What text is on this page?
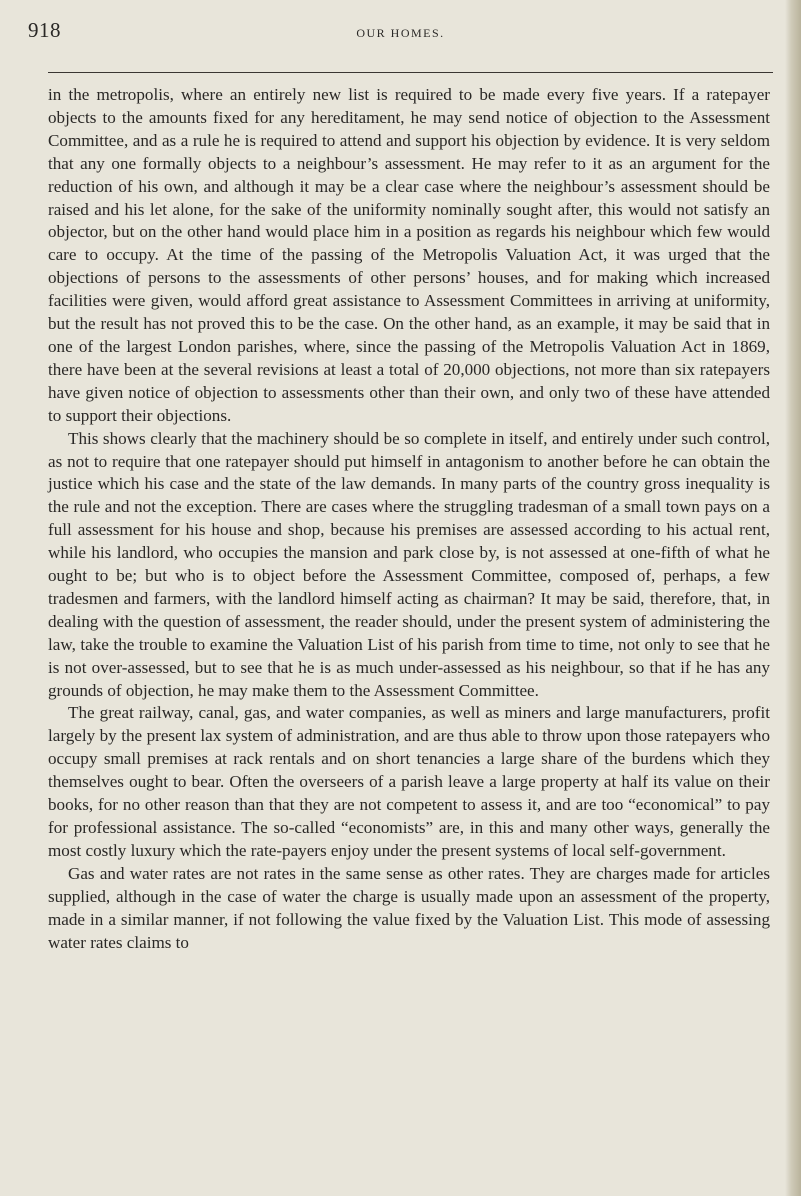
918	OUR HOMES.

in the metropolis, where an entirely new list is required to be made every five years. If a ratepayer objects to the amounts fixed for any hereditament, he may send notice of objection to the Assessment Committee, and as a rule he is required to attend and support his objection by evidence. It is very seldom that any one formally objects to a neighbour’s assessment. He may refer to it as an argument for the reduction of his own, and although it may be a clear case where the neighbour’s assessment should be raised and his let alone, for the sake of the uniformity nominally sought after, this would not satisfy an objector, but on the other hand would place him in a position as regards his neighbour which few would care to occupy. At the time of the passing of the Metropolis Valuation Act, it was urged that the objections of persons to the assessments of other persons’ houses, and for making which increased facilities were given, would afford great assistance to Assessment Committees in arriving at uniformity, but the result has not proved this to be the case. On the other hand, as an example, it may be said that in one of the largest London parishes, where, since the passing of the Metropolis Valuation Act in 1869, there have been at the several revisions at least a total of 20,000 objections, not more than six ratepayers have given notice of objection to assessments other than their own, and only two of these have attended to support their objections.

This shows clearly that the machinery should be so complete in itself, and entirely under such control, as not to require that one ratepayer should put himself in antagonism to another before he can obtain the justice which his case and the state of the law demands. In many parts of the country gross inequality is the rule and not the exception. There are cases where the struggling tradesman of a small town pays on a full assessment for his house and shop, because his premises are assessed according to his actual rent, while his landlord, who occupies the mansion and park close by, is not assessed at one-fifth of what he ought to be; but who is to object before the Assessment Committee, composed of, perhaps, a few tradesmen and farmers, with the landlord himself acting as chairman? It may be said, therefore, that, in dealing with the question of assessment, the reader should, under the present system of administering the law, take the trouble to examine the Valuation List of his parish from time to time, not only to see that he is not over-assessed, but to see that he is as much under-assessed as his neighbour, so that if he has any grounds of objection, he may make them to the Assessment Committee.

The great railway, canal, gas, and water companies, as well as miners and large manufacturers, profit largely by the present lax system of administration, and are thus able to throw upon those ratepayers who occupy small premises at rack rentals and on short tenancies a large share of the burdens which they themselves ought to bear. Often the overseers of a parish leave a large property at half its value on their books, for no other reason than that they are not competent to assess it, and are too “economical” to pay for professional assistance. The so-called “economists” are, in this and many other ways, generally the most costly luxury which the rate-payers enjoy under the present systems of local self-government.

Gas and water rates are not rates in the same sense as other rates. They are charges made for articles supplied, although in the case of water the charge is usually made upon an assessment of the property, made in a similar manner, if not following the value fixed by the Valuation List. This mode of assessing water rates claims to
